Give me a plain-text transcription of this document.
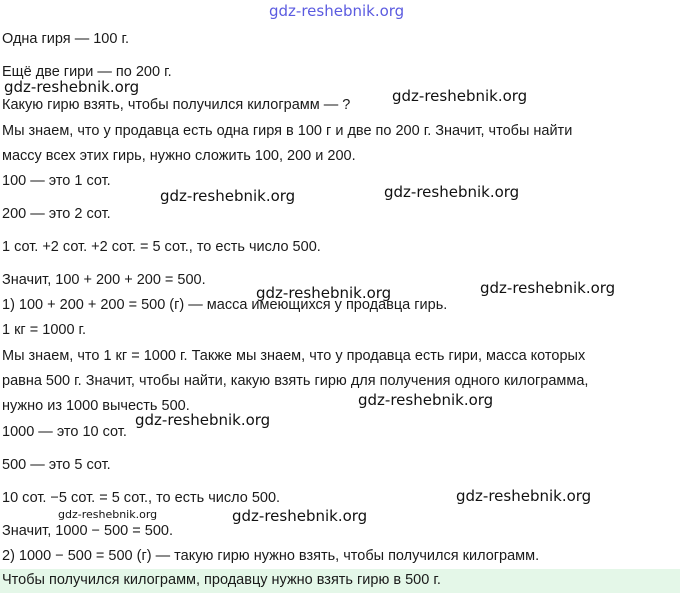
gdz-reshebnik.org
Одна гиря — 100 г.
Ещё две гири — по 200 г.
Какую гирю взять, чтобы получился килограмм — ?
Мы знаем, что у продавца есть одна гиря в 100 г и две по 200 г. Значит, чтобы найти
массу всех этих гирь, нужно сложить 100, 200 и 200.
100 — это 1 сот.
200 — это 2 сот.
1 сот. +2 сот. +2 сот. = 5 сот., то есть число 500.
Значит, 100 + 200 + 200 = 500.
1) 100 + 200 + 200 = 500 (г) — масса имеющихся у продавца гирь.
1 кг = 1000 г.
Мы знаем, что 1 кг = 1000 г. Также мы знаем, что у продавца есть гири, масса которых
равна 500 г. Значит, чтобы найти, какую взять гирю для получения одного килограмма,
нужно из 1000 вычесть 500.
1000 — это 10 сот.
500 — это 5 сот.
10 сот. −5 сот. = 5 сот., то есть число 500.
Значит, 1000 − 500 = 500.
2) 1000 − 500 = 500 (г) — такую гирю нужно взять, чтобы получился килограмм.
Чтобы получился килограмм, продавцу нужно взять гирю в 500 г.
gdz-reshebnik.org	gdz-reshebnik.org
gdz-reshebnik.org	gdz-reshebnik.org
gdz-reshebnik.org	gdz-reshebnik.org
gdz-reshebnik.org
gdz-reshebnik.org
gdz-reshebnik.org
gdz-reshebnik.org	gdz-reshebnik.org
